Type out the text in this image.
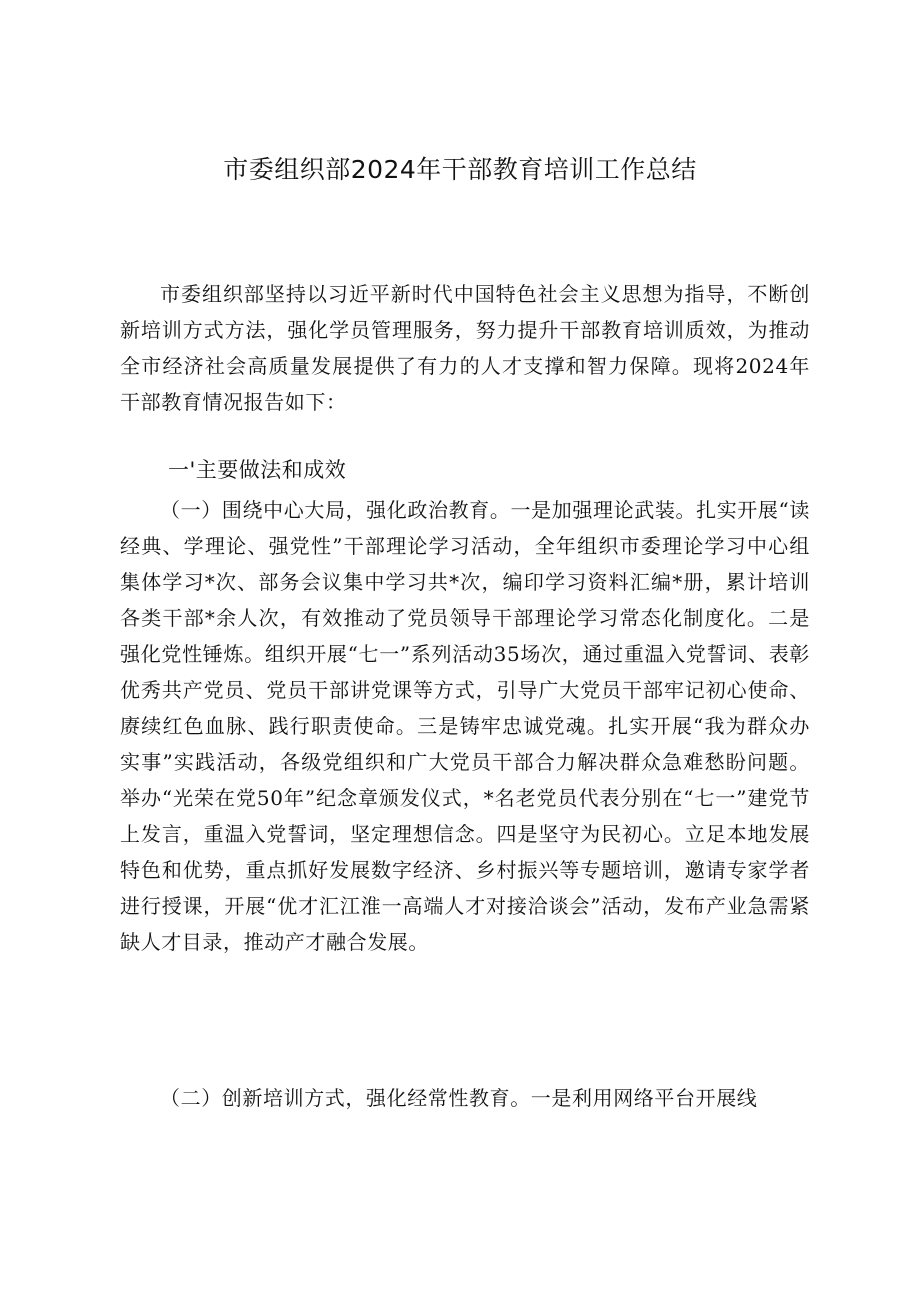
市委组织部2024年干部教育培训工作总结

市委组织部坚持以习近平新时代中国特色社会主义思想为指导，不断创新培训方式方法，强化学员管理服务，努力提升干部教育培训质效，为推动全市经济社会高质量发展提供了有力的人才支撑和智力保障。现将2024年干部教育情况报告如下：

一'主要做法和成效

（一）围绕中心大局，强化政治教育。一是加强理论武装。扎实开展“读经典、学理论、强党性”干部理论学习活动，全年组织市委理论学习中心组集体学习*次、部务会议集中学习共*次，编印学习资料汇编*册，累计培训各类干部*余人次，有效推动了党员领导干部理论学习常态化制度化。二是强化党性锤炼。组织开展“七一”系列活动35场次，通过重温入党誓词、表彰优秀共产党员、党员干部讲党课等方式，引导广大党员干部牢记初心使命、赓续红色血脉、践行职责使命。三是铸牢忠诚党魂。扎实开展“我为群众办实事”实践活动，各级党组织和广大党员干部合力解决群众急难愁盼问题。举办“光荣在党50年”纪念章颁发仪式，*名老党员代表分别在“七一”建党节上发言，重温入党誓词，坚定理想信念。四是坚守为民初心。立足本地发展特色和优势，重点抓好发展数字经济、乡村振兴等专题培训，邀请专家学者进行授课，开展“优才汇江淮一高端人才对接洽谈会”活动，发布产业急需紧缺人才目录，推动产才融合发展。

（二）创新培训方式，强化经常性教育。一是利用网络平台开展线
